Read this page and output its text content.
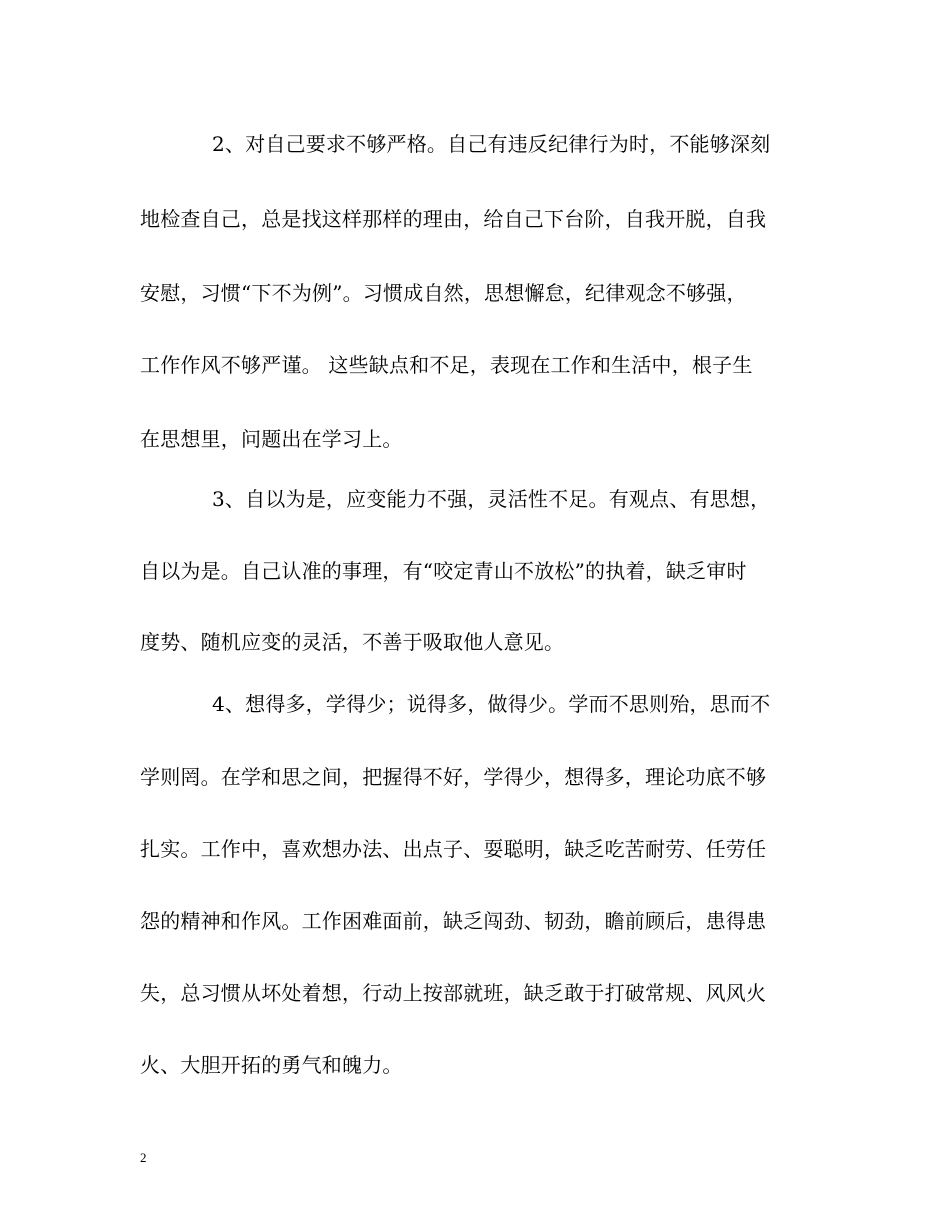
2、对自己要求不够严格。自己有违反纪律行为时，不能够深刻
地检查自己，总是找这样那样的理由，给自己下台阶，自我开脱，自我
安慰，习惯“下不为例”。习惯成自然，思想懈怠，纪律观念不够强，
工作作风不够严谨。 这些缺点和不足，表现在工作和生活中，根子生
在思想里，问题出在学习上。
3、自以为是，应变能力不强，灵活性不足。有观点、有思想，
自以为是。自己认准的事理，有“咬定青山不放松”的执着，缺乏审时
度势、随机应变的灵活，不善于吸取他人意见。
4、想得多，学得少；说得多，做得少。学而不思则殆，思而不
学则罔。在学和思之间，把握得不好，学得少，想得多，理论功底不够
扎实。工作中，喜欢想办法、出点子、耍聪明，缺乏吃苦耐劳、任劳任
怨的精神和作风。工作困难面前，缺乏闯劲、韧劲，瞻前顾后，患得患
失，总习惯从坏处着想，行动上按部就班，缺乏敢于打破常规、风风火
火、大胆开拓的勇气和魄力。
2
